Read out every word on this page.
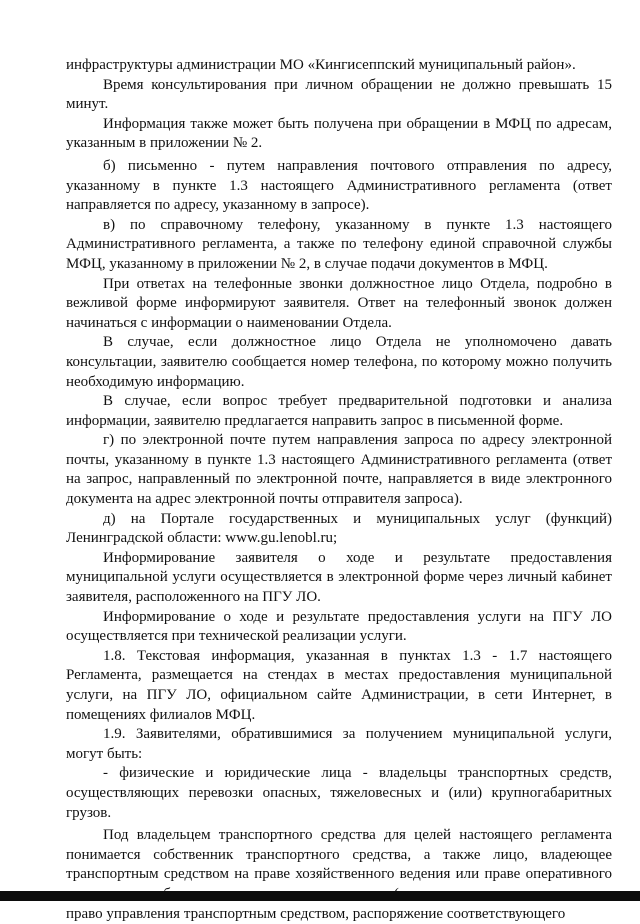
инфраструктуры администрации МО «Кингисеппский муниципальный район».

Время консультирования при личном обращении не должно превышать 15 минут.

Информация также может быть получена при обращении в МФЦ по адресам, указанным в приложении № 2.

б) письменно - путем направления почтового отправления по адресу, указанному в пункте 1.3 настоящего Административного регламента (ответ направляется по адресу, указанному в запросе).

в) по справочному телефону, указанному в пункте 1.3 настоящего Административного регламента, а также по телефону единой справочной службы МФЦ, указанному в приложении № 2, в случае подачи документов в МФЦ.

При ответах на телефонные звонки должностное лицо Отдела, подробно в вежливой форме информируют заявителя. Ответ на телефонный звонок должен начинаться с информации о наименовании Отдела.

В случае, если должностное лицо Отдела не уполномочено давать консультации, заявителю сообщается номер телефона, по которому можно получить необходимую информацию.

В случае, если вопрос требует предварительной подготовки и анализа информации, заявителю предлагается направить запрос в письменной форме.

г) по электронной почте путем направления запроса по адресу электронной почты, указанному в пункте 1.3 настоящего Административного регламента (ответ на запрос, направленный по электронной почте, направляется в виде электронного документа на адрес электронной почты отправителя запроса).

д) на Портале государственных и муниципальных услуг (функций) Ленинградской области: www.gu.lenobl.ru;

Информирование заявителя о ходе и результате предоставления муниципальной услуги осуществляется в электронной форме через личный кабинет заявителя, расположенного на ПГУ ЛО.

Информирование о ходе и результате предоставления услуги на ПГУ ЛО осуществляется при технической реализации услуги.

1.8. Текстовая информация, указанная в пунктах 1.3 - 1.7 настоящего Регламента, размещается на стендах в местах предоставления муниципальной услуги, на ПГУ ЛО, официальном сайте Администрации, в сети Интернет, в помещениях филиалов МФЦ.

1.9. Заявителями, обратившимися за получением муниципальной услуги, могут быть:

- физические и юридические лица - владельцы транспортных средств, осуществляющих перевозки опасных, тяжеловесных и (или) крупногабаритных грузов.

Под владельцем транспортного средства для целей настоящего регламента понимается собственник транспортного средства, а также лицо, владеющее транспортным средством на праве хозяйственного ведения или праве оперативного право управления транспортным средством, распоряжение соответствующего
